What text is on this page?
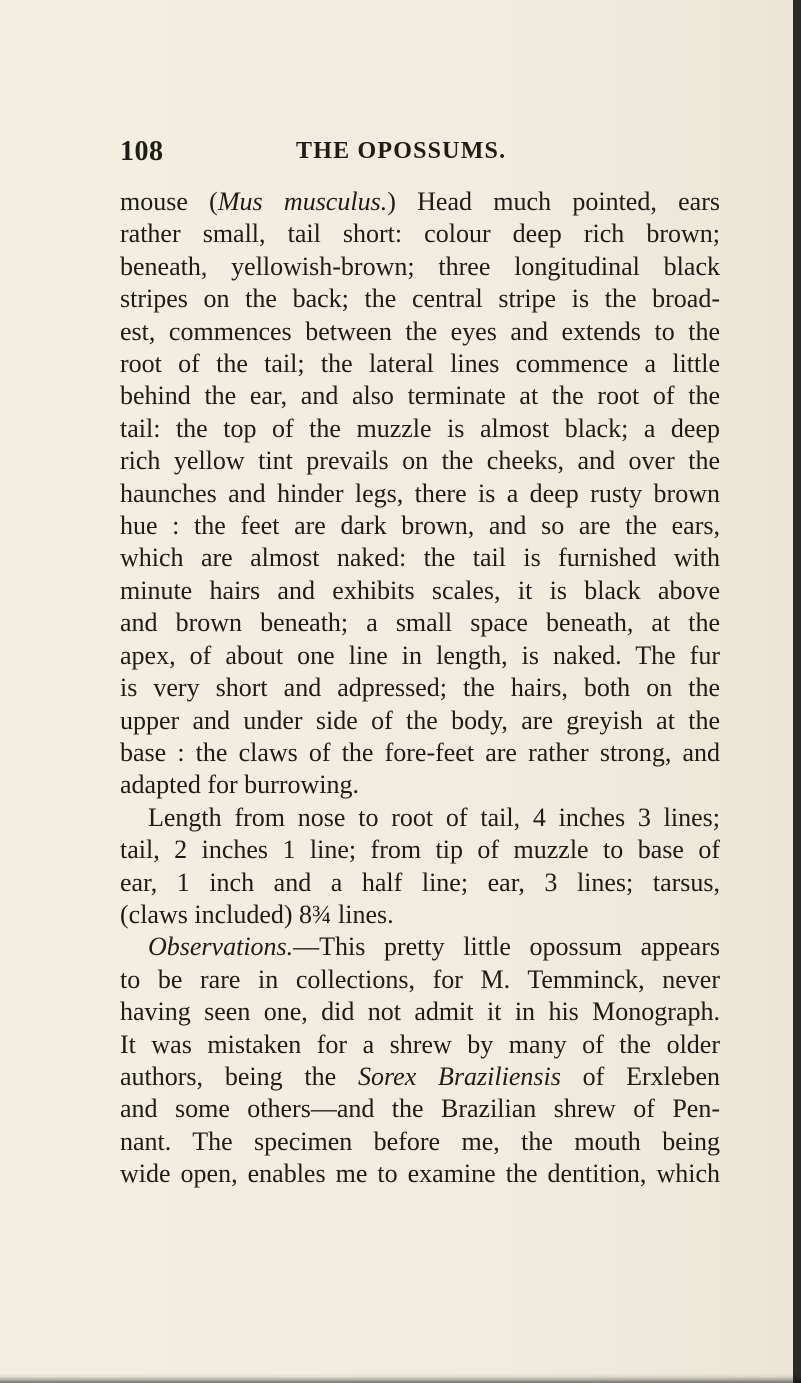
108	THE OPOSSUMS.
mouse (Mus musculus.) Head much pointed, ears
rather small, tail short: colour deep rich brown;
beneath, yellowish-brown; three longitudinal black
stripes on the back; the central stripe is the broad-
est, commences between the eyes and extends to the
root of the tail; the lateral lines commence a little
behind the ear, and also terminate at the root of the
tail: the top of the muzzle is almost black; a deep
rich yellow tint prevails on the cheeks, and over the
haunches and hinder legs, there is a deep rusty brown
hue : the feet are dark brown, and so are the ears,
which are almost naked: the tail is furnished with
minute hairs and exhibits scales, it is black above
and brown beneath; a small space beneath, at the
apex, of about one line in length, is naked. The fur
is very short and adpressed; the hairs, both on the
upper and under side of the body, are greyish at the
base : the claws of the fore-feet are rather strong, and
adapted for burrowing.
Length from nose to root of tail, 4 inches 3 lines;
tail, 2 inches 1 line; from tip of muzzle to base of
ear, 1 inch and a half line; ear, 3 lines; tarsus,
(claws included) 8¾ lines.
Observations.—This pretty little opossum appears
to be rare in collections, for M. Temminck, never
having seen one, did not admit it in his Monograph.
It was mistaken for a shrew by many of the older
authors, being the Sorex Braziliensis of Erxleben
and some others—and the Brazilian shrew of Pen-
nant. The specimen before me, the mouth being
wide open, enables me to examine the dentition, which
